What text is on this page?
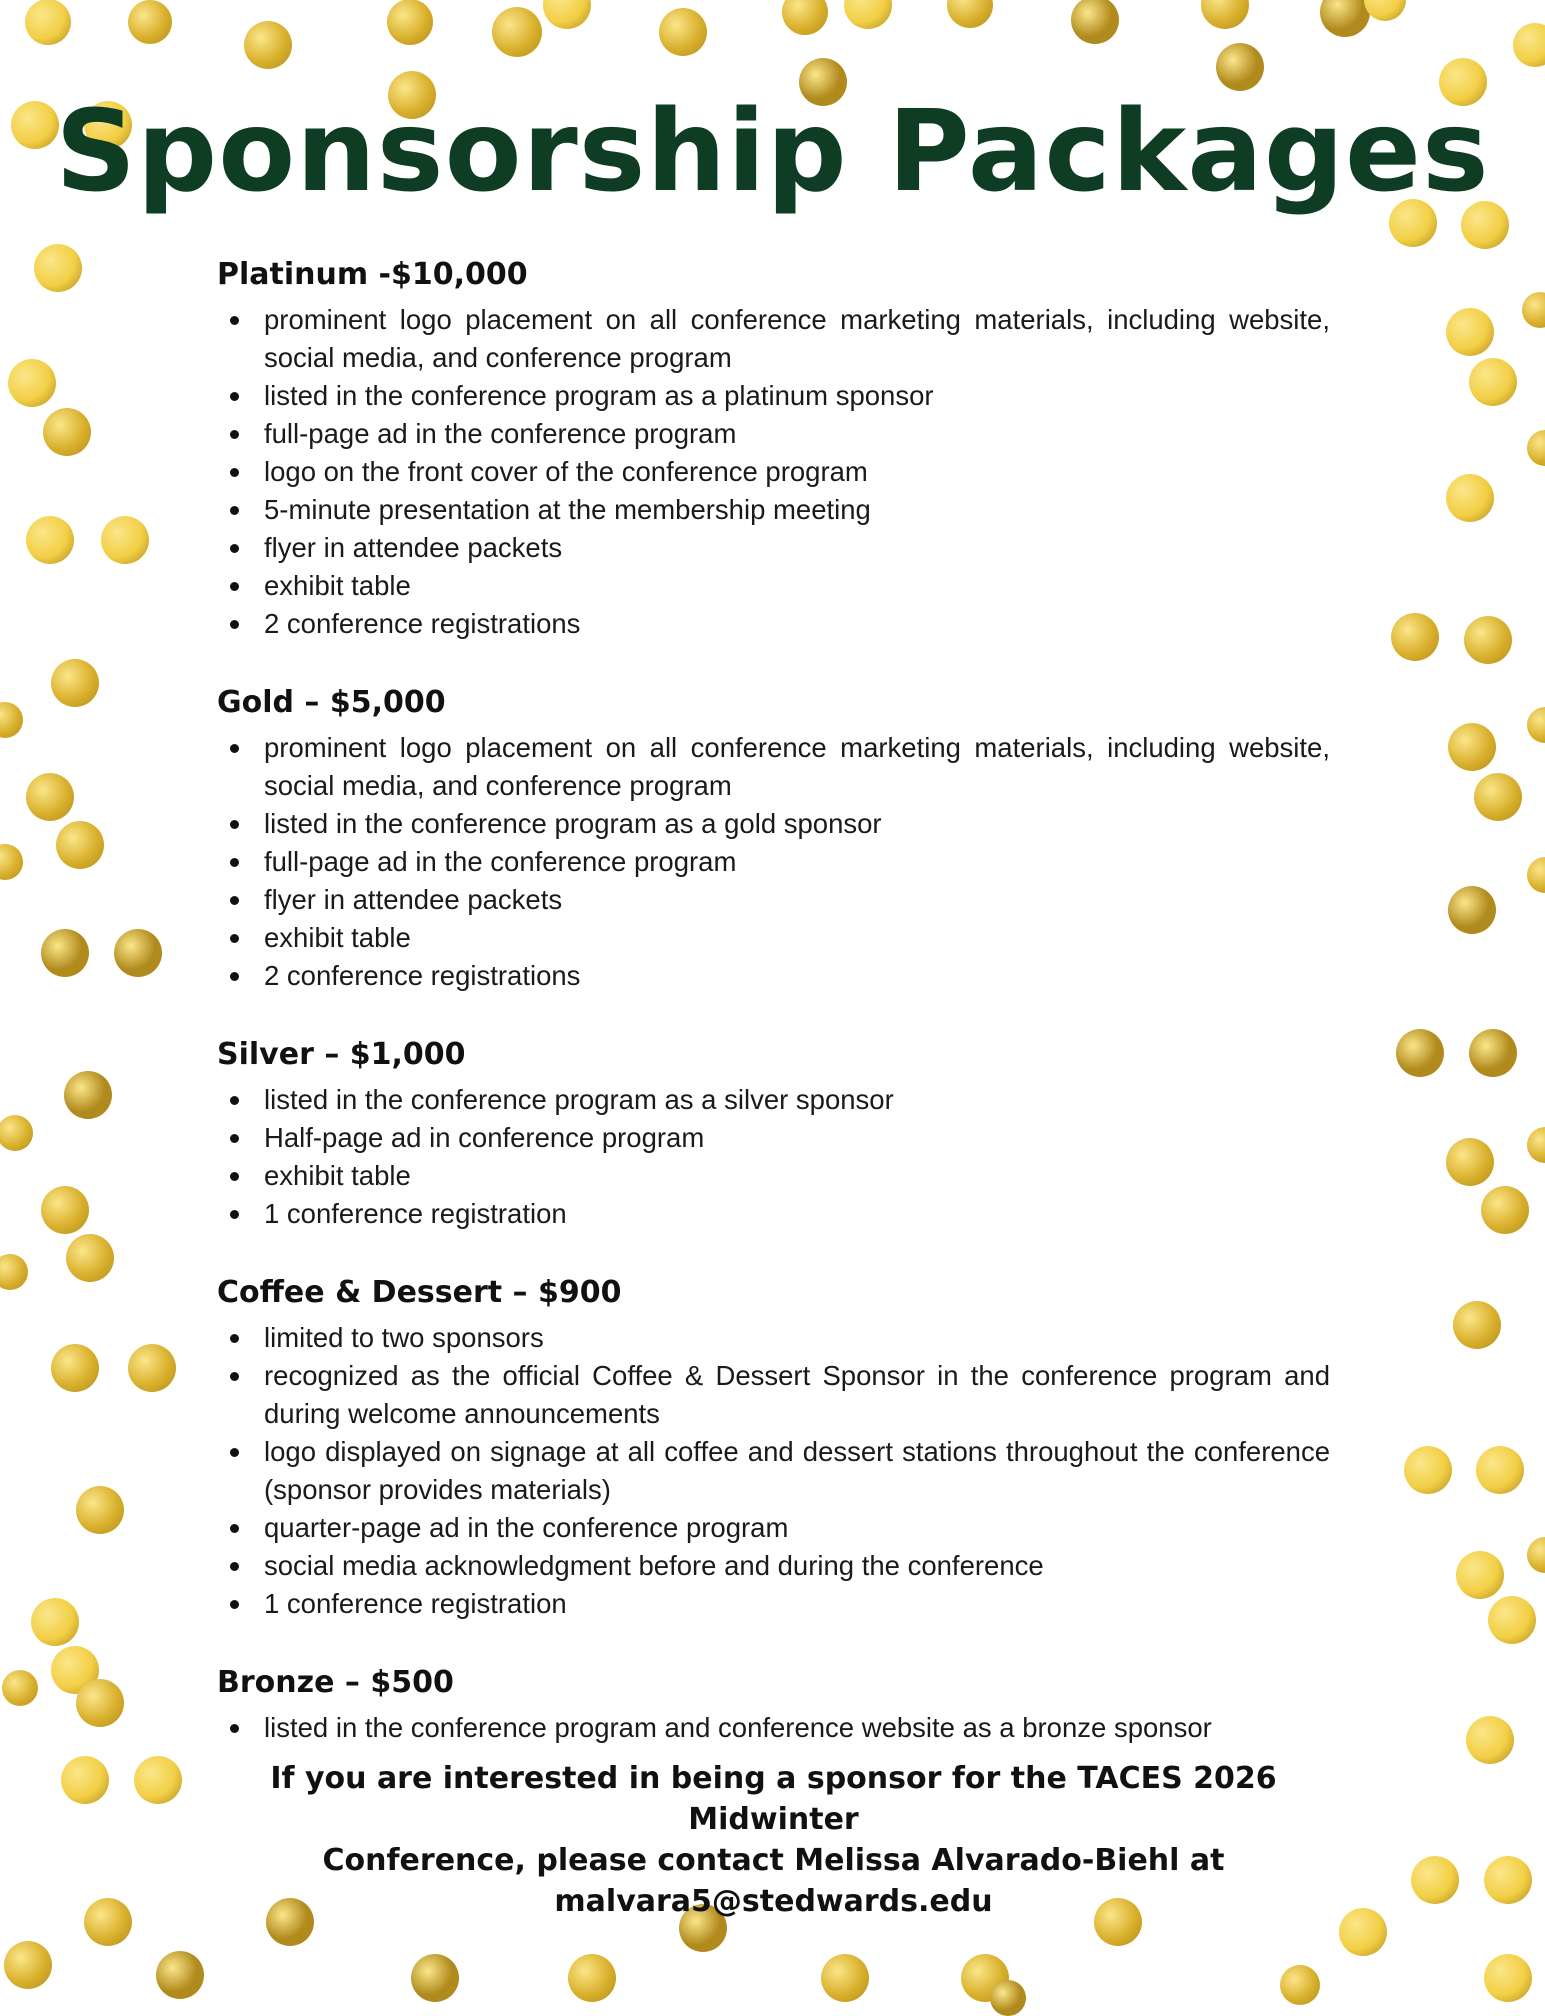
Sponsorship Packages
Platinum -$10,000
prominent logo placement on all conference marketing materials, including website, social media, and conference program
listed in the conference program as a platinum sponsor
full-page ad in the conference program
logo on the front cover of the conference program
5-minute presentation at the membership meeting
flyer in attendee packets
exhibit table
2 conference registrations
Gold – $5,000
prominent logo placement on all conference marketing materials, including website, social media, and conference program
listed in the conference program as a gold sponsor
full-page ad in the conference program
flyer in attendee packets
exhibit table
2 conference registrations
Silver – $1,000
listed in the conference program as a silver sponsor
Half-page ad in conference program
exhibit table
1 conference registration
Coffee & Dessert – $900
limited to two sponsors
recognized as the official Coffee & Dessert Sponsor in the conference program and during welcome announcements
logo displayed on signage at all coffee and dessert stations throughout the conference (sponsor provides materials)
quarter-page ad in the conference program
social media acknowledgment before and during the conference
1 conference registration
Bronze – $500
listed in the conference program and conference website as a bronze sponsor
If you are interested in being a sponsor for the TACES 2026 Midwinter
Conference, please contact Melissa Alvarado-Biehl at
malvara5@stedwards.edu
